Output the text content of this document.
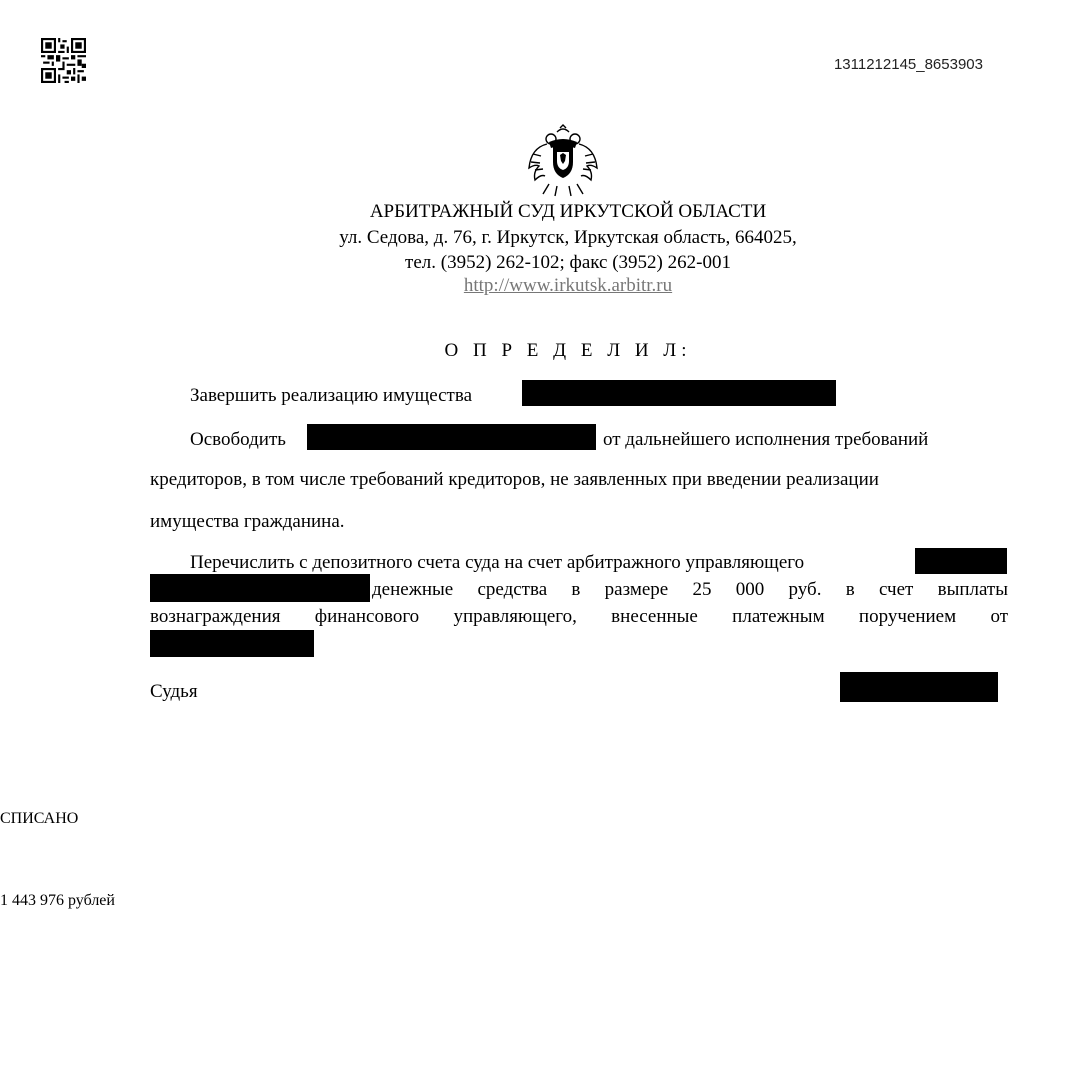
1311212145_8653903
АРБИТРАЖНЫЙ СУД ИРКУТСКОЙ ОБЛАСТИ
ул. Седова, д. 76, г. Иркутск, Иркутская область, 664025,
тел. (3952) 262-102; факс (3952) 262-001
http://www.irkutsk.arbitr.ru
О П Р Е Д Е Л И Л:
Завершить реализацию имущества
Освободить	от дальнейшего исполнения требований
кредиторов, в том числе требований кредиторов, не заявленных при введении реализации
имущества гражданина.
Перечислить с депозитного счета суда на счет арбитражного управляющего
денежные средства в размере 25 000 руб. в счет выплаты
вознаграждения финансового управляющего, внесенные платежным поручением от
Судья
СПИСАНО
1 443 976 рублей
